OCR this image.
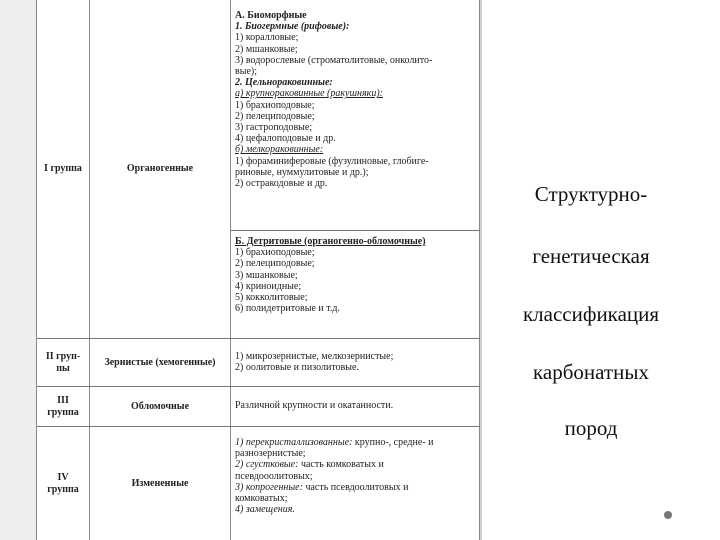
I группа	Органогенные
А. Биоморфные
1. Биогермные (рифовые):
1) коралловые;
2) мшанковые;
3) водорослевые (строматолитовые, онколито-
вые);
2. Цельнораковинные:
а) крупнораковинные (ракушняки):
1) брахиоподовые;
2) пелециподовые;
3) гастроподовые;
4) цефалоподовые и др.
б) мелкораковинные:
1) фораминиферовые (фузулиновые, глобиге-
риновые, нуммулитовые и др.);
2) остракодовые и др.
Б. Детритовые (органогенно-обломочные)
1) брахиоподовые;
2) пелециподовые;
3) мшанковые;
4) криноидные;
5) кокколитовые;
6) полидетритовые и т.д.
II груп-
пы
Зернистые (хемогенные)
1) микрозернистые, мелкозернистые;
2) оолитовые и пизолитовые.
III
группа
Обломочные	Различной крупности и окатанности.
IV
группа
Измененные
1) перекристаллизованные: крупно-, средне- и
разнозернистые;
2) сгустковые: часть комковатых и
псевдооолитовых;
3) копрогенные: часть псевдоолитовых и
комковатых;
4) замещения.
Структурно-
генетическая
классификация
карбонатных
пород
